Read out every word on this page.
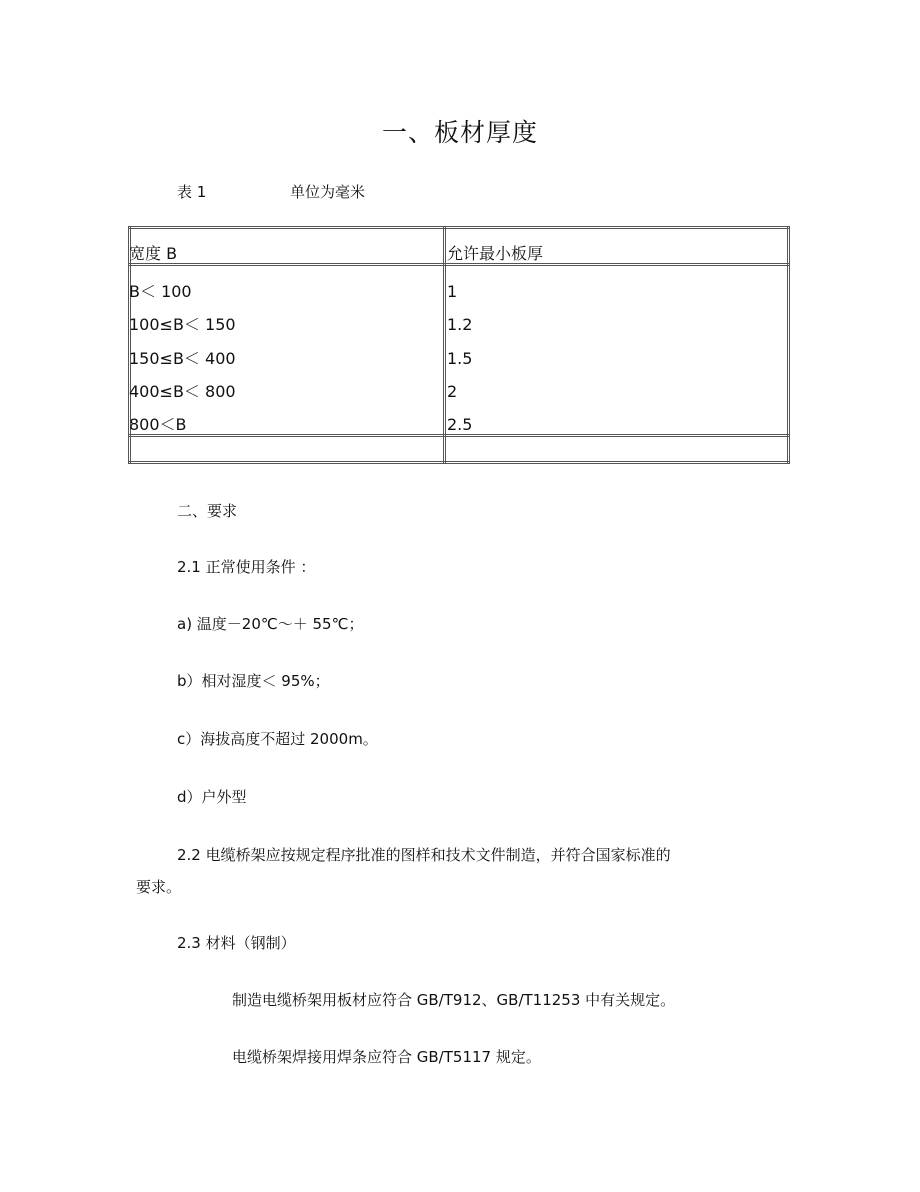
一、板材厚度
表 1	单位为毫米
宽度 B	允许最小板厚
B＜ 100	1
100≤B＜ 150	1.2
150≤B＜ 400	1.5
400≤B＜ 800	2
800＜B	2.5
二、要求
2.1 正常使用条件 ：
a) 温度－20℃～＋ 55℃；
b）相对湿度＜ 95%；
c）海拔高度不超过 2000m。
d）户外型
2.2 电缆桥架应按规定程序批准的图样和技术文件制造，并符合国家标准的
要求。
2.3 材料（钢制）
制造电缆桥架用板材应符合 GB/T912、GB/T11253 中有关规定。
电缆桥架焊接用焊条应符合 GB/T5117 规定。
